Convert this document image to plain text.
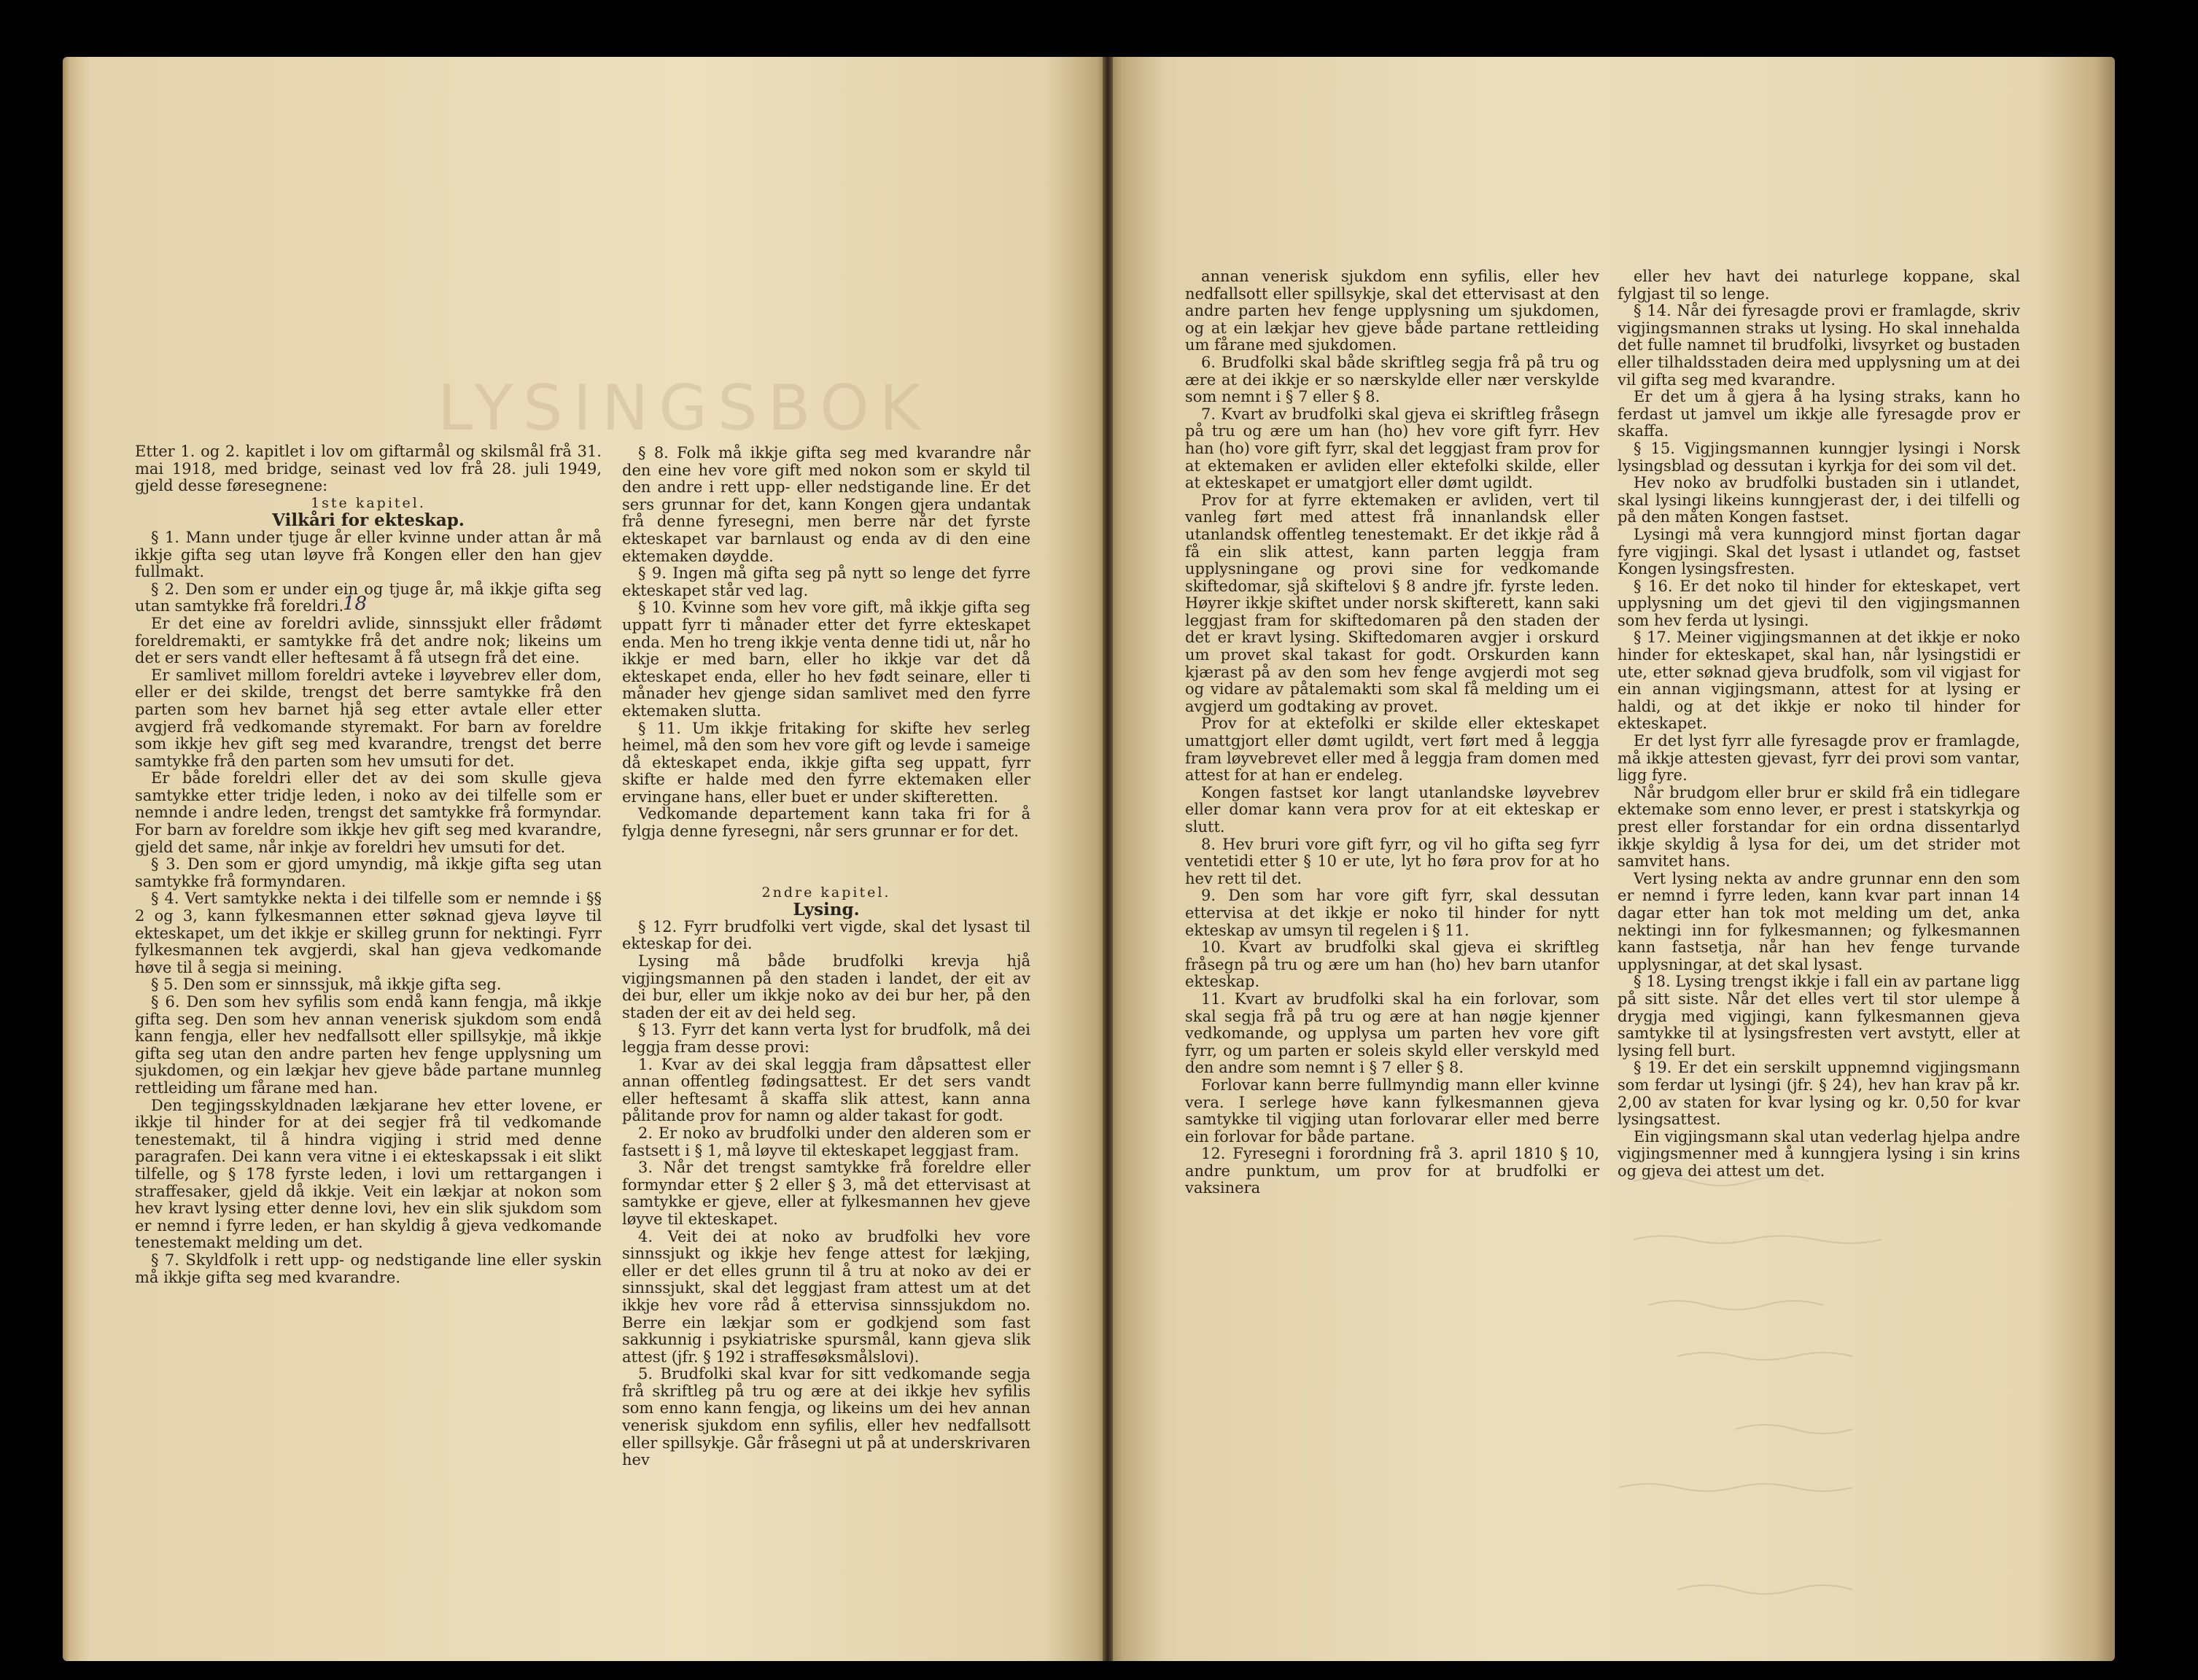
LYSINGSBOK
18

Etter 1. og 2. kapitlet i lov om giftarmål og skilsmål frå 31. mai 1918, med bridge, seinast ved lov frå 28. juli 1949, gjeld desse føresegnene:

1ste kapitel.

Vilkåri for ekteskap.

§ 1. Mann under tjuge år eller kvinne under attan år må ikkje gifta seg utan løyve frå Kongen eller den han gjev fullmakt.

§ 2. Den som er under ein og tjuge år, må ikkje gifta seg utan samtykke frå foreldri.

Er det eine av foreldri avlide, sinnssjukt eller frådømt foreldremakti, er samtykke frå det andre nok; likeins um det er sers vandt eller heftesamt å få utsegn frå det eine.

Er samlivet millom foreldri avteke i løyvebrev eller dom, eller er dei skilde, trengst det berre samtykke frå den parten som hev barnet hjå seg etter avtale eller etter avgjerd frå vedkomande styremakt. For barn av foreldre som ikkje hev gift seg med kvarandre, trengst det berre samtykke frå den parten som hev umsuti for det.

Er både foreldri eller det av dei som skulle gjeva samtykke etter tridje leden, i noko av dei tilfelle som er nemnde i andre leden, trengst det samtykke frå formyndar. For barn av foreldre som ikkje hev gift seg med kvarandre, gjeld det same, når inkje av foreldri hev umsuti for det.

§ 3. Den som er gjord umyndig, må ikkje gifta seg utan samtykke frå formyndaren.

§ 4. Vert samtykke nekta i dei tilfelle som er nemnde i §§ 2 og 3, kann fylkesmannen etter søknad gjeva løyve til ekteskapet, um det ikkje er skilleg grunn for nektingi. Fyrr fylkesmannen tek avgjerdi, skal han gjeva vedkomande høve til å segja si meining.

§ 5. Den som er sinnssjuk, må ikkje gifta seg.

§ 6. Den som hev syfilis som endå kann fengja, må ikkje gifta seg. Den som hev annan venerisk sjukdom som endå kann fengja, eller hev nedfallsott eller spillsykje, må ikkje gifta seg utan den andre parten hev fenge upplysning um sjukdomen, og ein lækjar hev gjeve både partane munnleg rettleiding um fårane med han.

Den tegjingsskyldnaden lækjarane hev etter lovene, er ikkje til hinder for at dei segjer frå til vedkomande tenestemakt, til å hindra vigjing i strid med denne paragrafen. Dei kann vera vitne i ei ekteskapssak i eit slikt tilfelle, og § 178 fyrste leden, i lovi um rettargangen i straffesaker, gjeld då ikkje. Veit ein lækjar at nokon som hev kravt lysing etter denne lovi, hev ein slik sjukdom som er nemnd i fyrre leden, er han skyldig å gjeva vedkomande tenestemakt melding um det.

§ 7. Skyldfolk i rett upp- og nedstigande line eller syskin må ikkje gifta seg med kvarandre.

§ 8. Folk må ikkje gifta seg med kvarandre når den eine hev vore gift med nokon som er skyld til den andre i rett upp- eller nedstigande line. Er det sers grunnar for det, kann Kongen gjera undantak frå denne fyresegni, men berre når det fyrste ekteskapet var barnlaust og enda av di den eine ektemaken døydde.

§ 9. Ingen må gifta seg på nytt so lenge det fyrre ekteskapet står ved lag.

§ 10. Kvinne som hev vore gift, må ikkje gifta seg uppatt fyrr ti månader etter det fyrre ekteskapet enda. Men ho treng ikkje venta denne tidi ut, når ho ikkje er med barn, eller ho ikkje var det då ekteskapet enda, eller ho hev født seinare, eller ti månader hev gjenge sidan samlivet med den fyrre ektemaken slutta.

§ 11. Um ikkje fritaking for skifte hev serleg heimel, må den som hev vore gift og levde i sameige då ekteskapet enda, ikkje gifta seg uppatt, fyrr skifte er halde med den fyrre ektemaken eller ervingane hans, eller buet er under skifteretten.

Vedkomande departement kann taka fri for å fylgja denne fyresegni, når sers grunnar er for det.

2ndre kapitel.

Lysing.

§ 12. Fyrr brudfolki vert vigde, skal det lysast til ekteskap for dei.

Lysing må både brudfolki krevja hjå vigjingsmannen på den staden i landet, der eit av dei bur, eller um ikkje noko av dei bur her, på den staden der eit av dei held seg.

§ 13. Fyrr det kann verta lyst for brudfolk, må dei leggja fram desse provi:

1. Kvar av dei skal leggja fram dåpsattest eller annan offentleg fødingsattest. Er det sers vandt eller heftesamt å skaffa slik attest, kann anna pålitande prov for namn og alder takast for godt.

2. Er noko av brudfolki under den alderen som er fastsett i § 1, må løyve til ekteskapet leggjast fram.

3. Når det trengst samtykke frå foreldre eller formyndar etter § 2 eller § 3, må det ettervisast at samtykke er gjeve, eller at fylkesmannen hev gjeve løyve til ekteskapet.

4. Veit dei at noko av brudfolki hev vore sinnssjukt og ikkje hev fenge attest for lækjing, eller er det elles grunn til å tru at noko av dei er sinnssjukt, skal det leggjast fram attest um at det ikkje hev vore råd å ettervisa sinnssjukdom no. Berre ein lækjar som er godkjend som fast sakkunnig i psykiatriske spursmål, kann gjeva slik attest (jfr. § 192 i straffesøksmålslovi).

5. Brudfolki skal kvar for sitt vedkomande segja frå skriftleg på tru og ære at dei ikkje hev syfilis som enno kann fengja, og likeins um dei hev annan venerisk sjukdom enn syfilis, eller hev nedfallsott eller spillsykje. Går fråsegni ut på at underskrivaren hev

annan venerisk sjukdom enn syfilis, eller hev nedfallsott eller spillsykje, skal det ettervisast at den andre parten hev fenge upplysning um sjukdomen, og at ein lækjar hev gjeve både partane rettleiding um fårane med sjukdomen.

6. Brudfolki skal både skriftleg segja frå på tru og ære at dei ikkje er so nærskylde eller nær verskylde som nemnt i § 7 eller § 8.

7. Kvart av brudfolki skal gjeva ei skriftleg fråsegn på tru og ære um han (ho) hev vore gift fyrr. Hev han (ho) vore gift fyrr, skal det leggjast fram prov for at ektemaken er avliden eller ektefolki skilde, eller at ekteskapet er umatgjort eller dømt ugildt.

Prov for at fyrre ektemaken er avliden, vert til vanleg ført med attest frå innanlandsk eller utanlandsk offentleg tenestemakt. Er det ikkje råd å få ein slik attest, kann parten leggja fram upplysningane og provi sine for vedkomande skiftedomar, sjå skiftelovi § 8 andre jfr. fyrste leden. Høyrer ikkje skiftet under norsk skifterett, kann saki leggjast fram for skiftedomaren på den staden der det er kravt lysing. Skiftedomaren avgjer i orskurd um provet skal takast for godt. Orskurden kann kjærast på av den som hev fenge avgjerdi mot seg og vidare av påtalemakti som skal få melding um ei avgjerd um godtaking av provet.

Prov for at ektefolki er skilde eller ekteskapet umattgjort eller dømt ugildt, vert ført med å leggja fram løyvebrevet eller med å leggja fram domen med attest for at han er endeleg.

Kongen fastset kor langt utanlandske løyvebrev eller domar kann vera prov for at eit ekteskap er slutt.

8. Hev bruri vore gift fyrr, og vil ho gifta seg fyrr ventetidi etter § 10 er ute, lyt ho føra prov for at ho hev rett til det.

9. Den som har vore gift fyrr, skal dessutan ettervisa at det ikkje er noko til hinder for nytt ekteskap av umsyn til regelen i § 11.

10. Kvart av brudfolki skal gjeva ei skriftleg fråsegn på tru og ære um han (ho) hev barn utanfor ekteskap.

11. Kvart av brudfolki skal ha ein forlovar, som skal segja frå på tru og ære at han nøgje kjenner vedkomande, og upplysa um parten hev vore gift fyrr, og um parten er soleis skyld eller verskyld med den andre som nemnt i § 7 eller § 8.

Forlovar kann berre fullmyndig mann eller kvinne vera. I serlege høve kann fylkesmannen gjeva samtykke til vigjing utan forlovarar eller med berre ein forlovar for både partane.

12. Fyresegni i forordning frå 3. april 1810 § 10, andre punktum, um prov for at brudfolki er vaksinera

eller hev havt dei naturlege koppane, skal fylgjast til so lenge.

§ 14. Når dei fyresagde provi er framlagde, skriv vigjingsmannen straks ut lysing. Ho skal innehalda det fulle namnet til brudfolki, livsyrket og bustaden eller tilhaldsstaden deira med upplysning um at dei vil gifta seg med kvarandre.

Er det um å gjera å ha lysing straks, kann ho ferdast ut jamvel um ikkje alle fyresagde prov er skaffa.

§ 15. Vigjingsmannen kunngjer lysingi i Norsk lysingsblad og dessutan i kyrkja for dei som vil det.

Hev noko av brudfolki bustaden sin i utlandet, skal lysingi likeins kunngjerast der, i dei tilfelli og på den måten Kongen fastset.

Lysingi må vera kunngjord minst fjortan dagar fyre vigjingi. Skal det lysast i utlandet og, fastset Kongen lysingsfresten.

§ 16. Er det noko til hinder for ekteskapet, vert upplysning um det gjevi til den vigjingsmannen som hev ferda ut lysingi.

§ 17. Meiner vigjingsmannen at det ikkje er noko hinder for ekteskapet, skal han, når lysingstidi er ute, etter søknad gjeva brudfolk, som vil vigjast for ein annan vigjingsmann, attest for at lysing er haldi, og at det ikkje er noko til hinder for ekteskapet.

Er det lyst fyrr alle fyresagde prov er framlagde, må ikkje attesten gjevast, fyrr dei provi som vantar, ligg fyre.

Når brudgom eller brur er skild frå ein tidlegare ektemake som enno lever, er prest i statskyrkja og prest eller forstandar for ein ordna dissentarlyd ikkje skyldig å lysa for dei, um det strider mot samvitet hans.

Vert lysing nekta av andre grunnar enn den som er nemnd i fyrre leden, kann kvar part innan 14 dagar etter han tok mot melding um det, anka nektingi inn for fylkesmannen; og fylkesmannen kann fastsetja, når han hev fenge turvande upplysningar, at det skal lysast.

§ 18. Lysing trengst ikkje i fall ein av partane ligg på sitt siste. Når det elles vert til stor ulempe å drygja med vigjingi, kann fylkesmannen gjeva samtykke til at lysingsfresten vert avstytt, eller at lysing fell burt.

§ 19. Er det ein serskilt uppnemnd vigjingsmann som ferdar ut lysingi (jfr. § 24), hev han krav på kr. 2,00 av staten for kvar lysing og kr. 0,50 for kvar lysingsattest.

Ein vigjingsmann skal utan vederlag hjelpa andre vigjingsmenner med å kunngjera lysing i sin krins og gjeva dei attest um det.
